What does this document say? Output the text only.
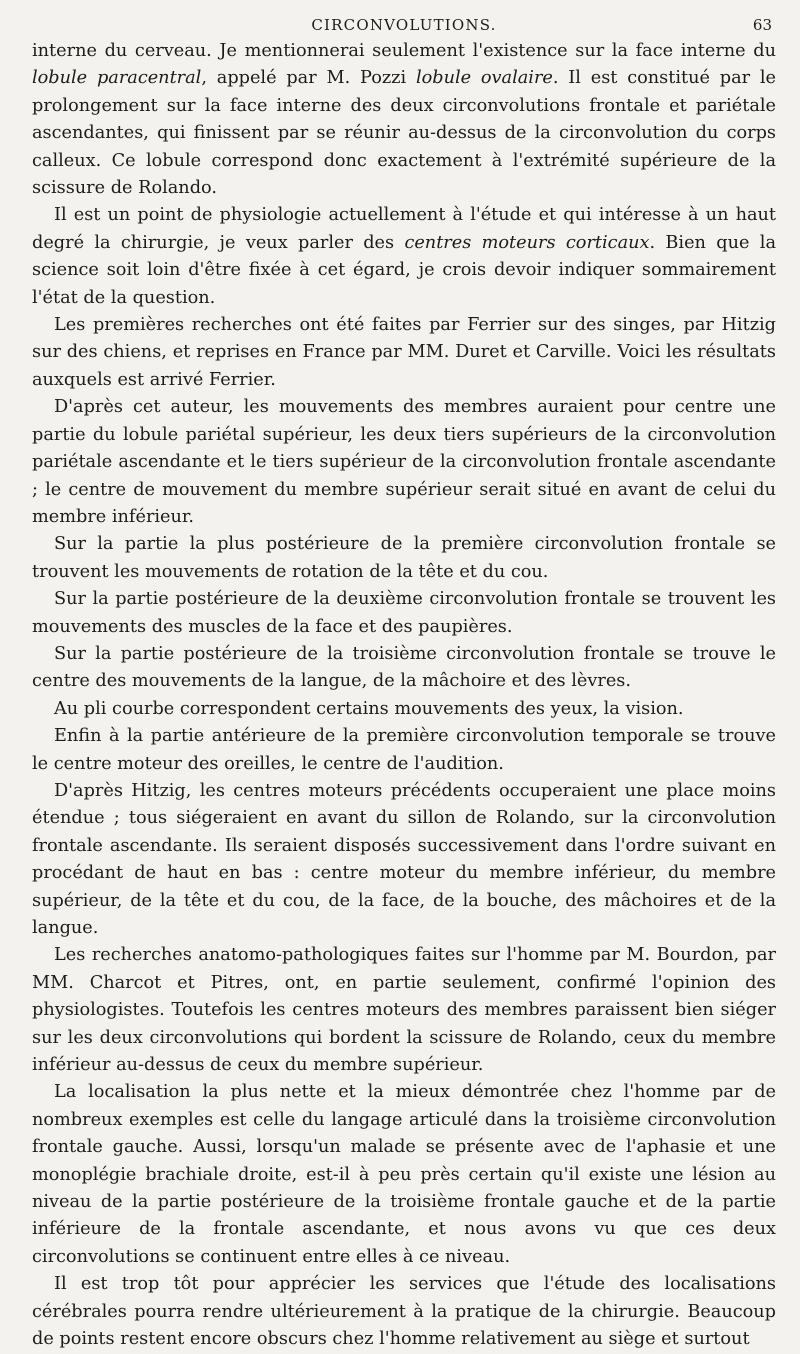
CIRCONVOLUTIONS.	63

interne du cerveau. Je mentionnerai seulement l'existence sur la face interne du lobule paracentral, appelé par M. Pozzi lobule ovalaire. Il est constitué par le prolongement sur la face interne des deux circonvolutions frontale et pariétale ascendantes, qui finissent par se réunir au-dessus de la circonvolution du corps calleux. Ce lobule correspond donc exactement à l'extrémité supérieure de la scissure de Rolando.

Il est un point de physiologie actuellement à l'étude et qui intéresse à un haut degré la chirurgie, je veux parler des centres moteurs corticaux. Bien que la science soit loin d'être fixée à cet égard, je crois devoir indiquer sommairement l'état de la question.

Les premières recherches ont été faites par Ferrier sur des singes, par Hitzig sur des chiens, et reprises en France par MM. Duret et Carville. Voici les résultats auxquels est arrivé Ferrier.

D'après cet auteur, les mouvements des membres auraient pour centre une partie du lobule pariétal supérieur, les deux tiers supérieurs de la circonvolution pariétale ascendante et le tiers supérieur de la circonvolution frontale ascendante ; le centre de mouvement du membre supérieur serait situé en avant de celui du membre inférieur.

Sur la partie la plus postérieure de la première circonvolution frontale se trouvent les mouvements de rotation de la tête et du cou.

Sur la partie postérieure de la deuxième circonvolution frontale se trouvent les mouvements des muscles de la face et des paupières.

Sur la partie postérieure de la troisième circonvolution frontale se trouve le centre des mouvements de la langue, de la mâchoire et des lèvres.

Au pli courbe correspondent certains mouvements des yeux, la vision.

Enfin à la partie antérieure de la première circonvolution temporale se trouve le centre moteur des oreilles, le centre de l'audition.

D'après Hitzig, les centres moteurs précédents occuperaient une place moins étendue ; tous siégeraient en avant du sillon de Rolando, sur la circonvolution frontale ascendante. Ils seraient disposés successivement dans l'ordre suivant en procédant de haut en bas : centre moteur du membre inférieur, du membre supérieur, de la tête et du cou, de la face, de la bouche, des mâchoires et de la langue.

Les recherches anatomo-pathologiques faites sur l'homme par M. Bourdon, par MM. Charcot et Pitres, ont, en partie seulement, confirmé l'opinion des physiologistes. Toutefois les centres moteurs des membres paraissent bien siéger sur les deux circonvolutions qui bordent la scissure de Rolando, ceux du membre inférieur au-dessus de ceux du membre supérieur.

La localisation la plus nette et la mieux démontrée chez l'homme par de nombreux exemples est celle du langage articulé dans la troisième circonvolution frontale gauche. Aussi, lorsqu'un malade se présente avec de l'aphasie et une monoplégie brachiale droite, est-il à peu près certain qu'il existe une lésion au niveau de la partie postérieure de la troisième frontale gauche et de la partie inférieure de la frontale ascendante, et nous avons vu que ces deux circonvolutions se continuent entre elles à ce niveau.

Il est trop tôt pour apprécier les services que l'étude des localisations cérébrales pourra rendre ultérieurement à la pratique de la chirurgie. Beaucoup de points restent encore obscurs chez l'homme relativement au siège et surtout
